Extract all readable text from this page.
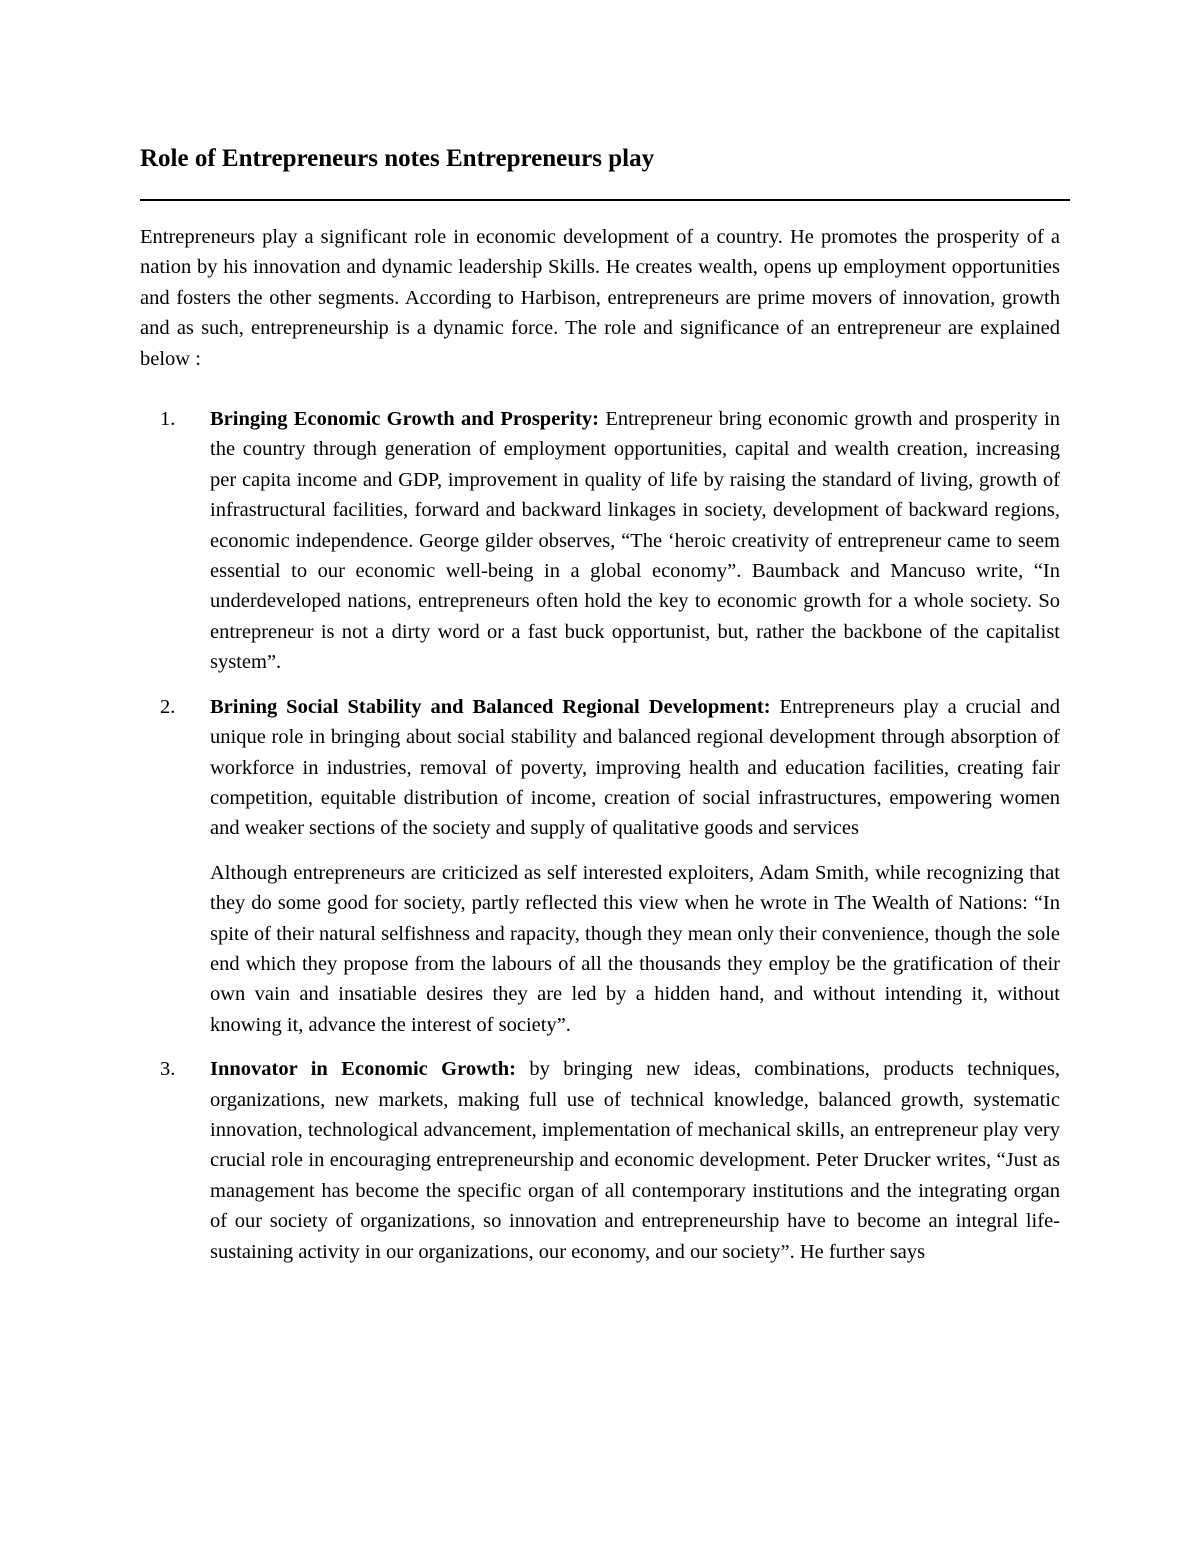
Role of Entrepreneurs notes Entrepreneurs play

Entrepreneurs play a significant role in economic development of a country. He promotes the prosperity of a nation by his innovation and dynamic leadership Skills. He creates wealth, opens up employment opportunities and fosters the other segments. According to Harbison, entrepreneurs are prime movers of innovation, growth and as such, entrepreneurship is a dynamic force. The role and significance of an entrepreneur are explained below :

1.	Bringing Economic Growth and Prosperity: Entrepreneur bring economic growth and prosperity in the country through generation of employment opportunities, capital and wealth creation, increasing per capita income and GDP, improvement in quality of life by raising the standard of living, growth of infrastructural facilities, forward and backward linkages in society, development of backward regions, economic independence. George gilder observes, “The ‘heroic creativity of entrepreneur came to seem essential to our economic well-being in a global economy”. Baumback and Mancuso write, “In underdeveloped nations, entrepreneurs often hold the key to economic growth for a whole society. So entrepreneur is not a dirty word or a fast buck opportunist, but, rather the backbone of the capitalist system”.

2.	Brining Social Stability and Balanced Regional Development: Entrepreneurs play a crucial and unique role in bringing about social stability and balanced regional development through absorption of workforce in industries, removal of poverty, improving health and education facilities, creating fair competition, equitable distribution of income, creation of social infrastructures, empowering women and weaker sections of the society and supply of qualitative goods and services

Although entrepreneurs are criticized as self interested exploiters, Adam Smith, while recognizing that they do some good for society, partly reflected this view when he wrote in The Wealth of Nations: “In spite of their natural selfishness and rapacity, though they mean only their convenience, though the sole end which they propose from the labours of all the thousands they employ be the gratification of their own vain and insatiable desires they are led by a hidden hand, and without intending it, without knowing it, advance the interest of society”.

3.	Innovator in Economic Growth: by bringing new ideas, combinations, products techniques, organizations, new markets, making full use of technical knowledge, balanced growth, systematic innovation, technological advancement, implementation of mechanical skills, an entrepreneur play very crucial role in encouraging entrepreneurship and economic development. Peter Drucker writes, “Just as management has become the specific organ of all contemporary institutions and the integrating organ of our society of organizations, so innovation and entrepreneurship have to become an integral life-sustaining activity in our organizations, our economy, and our society”. He further says
